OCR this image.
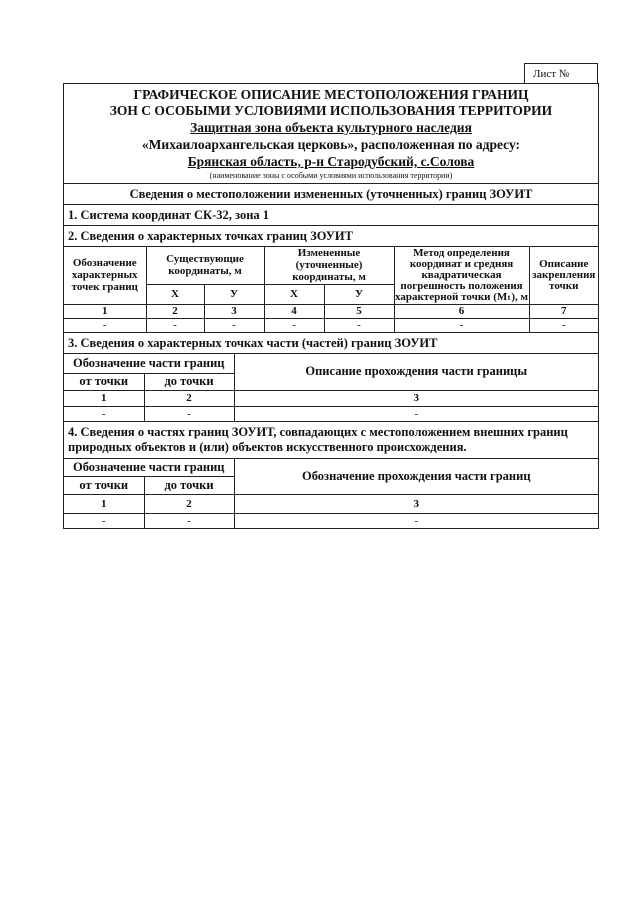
Лист №
ГРАФИЧЕСКОЕ ОПИСАНИЕ МЕСТОПОЛОЖЕНИЯ ГРАНИЦ
ЗОН С ОСОБЫМИ УСЛОВИЯМИ ИСПОЛЬЗОВАНИЯ ТЕРРИТОРИИ
Защитная зона объекта культурного наследия
«Михаилоархангельская церковь», расположенная по адресу:
Брянская область, р-н Стародубский, с.Солова
(наименование зоны с особыми условиями использования территории)

Сведения о местоположении измененных (уточненных) границ ЗОУИТ
1. Система координат СК-32, зона 1
2. Сведения о характерных точках границ ЗОУИТ

Обозначение характерных точек границ	Существующие координаты, м	Измененные (уточненные) координаты, м	Метод определения координат и средняя квадратическая погрешность положения характерной точки (Мₜ), м	Описание закрепления точки
X	У	X	У
1	2	3	4	5	6	7
-	-	-	-	-	-	-

3. Сведения о характерных точках части (частей) границ ЗОУИТ

Обозначение части границ	Описание прохождения части границы
от точки	до точки
1	2	3
-	-	-

4. Сведения о частях границ ЗОУИТ, совпадающих с местоположением внешних границ природных объектов и (или) объектов искусственного происхождения.

Обозначение части границ	Обозначение прохождения части границ
от точки	до точки
1	2	3
-	-	-
